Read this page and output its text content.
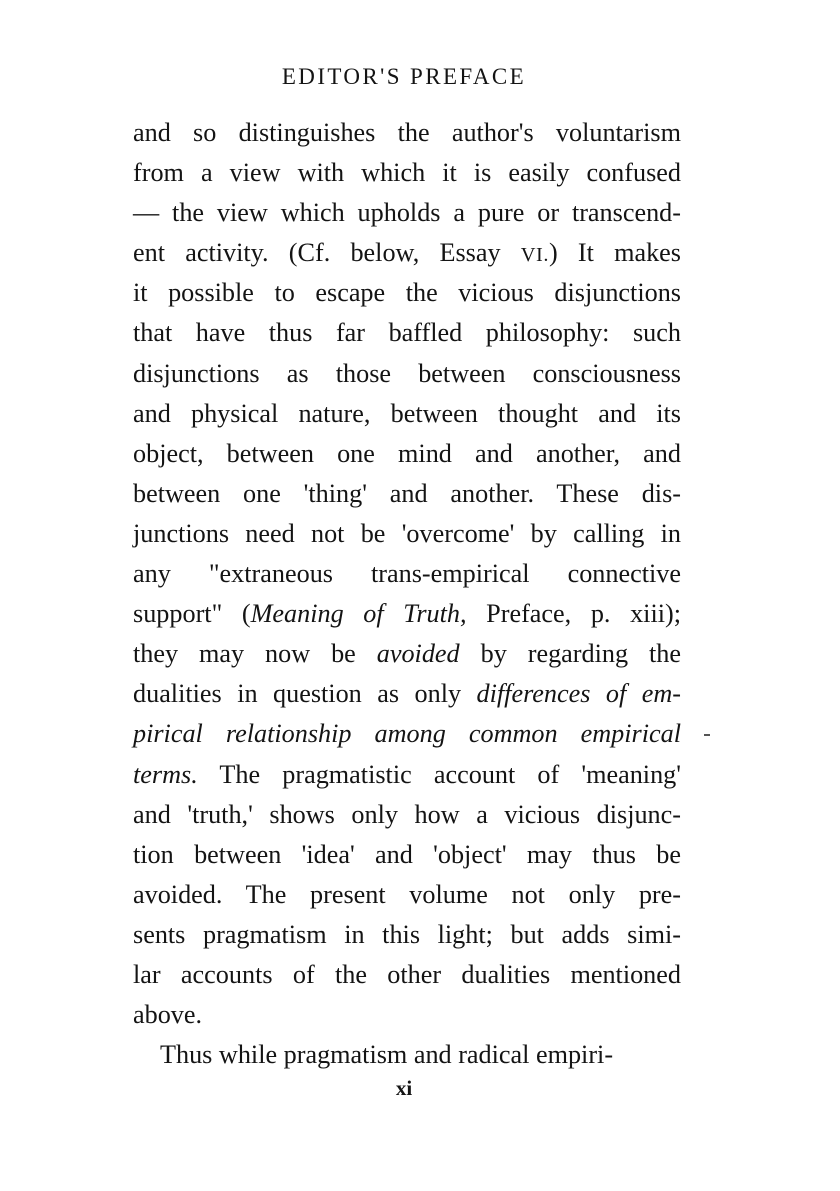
EDITOR'S PREFACE
and so distinguishes the author's voluntarism
from a view with which it is easily confused
— the view which upholds a pure or transcend-
ent activity. (Cf. below, Essay VI.) It makes
it possible to escape the vicious disjunctions
that have thus far baffled philosophy: such
disjunctions as those between consciousness
and physical nature, between thought and its
object, between one mind and another, and
between one 'thing' and another. These dis-
junctions need not be 'overcome' by calling in
any "extraneous trans-empirical connective
support" (Meaning of Truth, Preface, p. xiii);
they may now be avoided by regarding the
dualities in question as only differences of em-
pirical relationship among common empirical
terms. The pragmatistic account of 'meaning'
and 'truth,' shows only how a vicious disjunc-
tion between 'idea' and 'object' may thus be
avoided. The present volume not only pre-
sents pragmatism in this light; but adds simi-
lar accounts of the other dualities mentioned
above.
Thus while pragmatism and radical empiri-
xi
